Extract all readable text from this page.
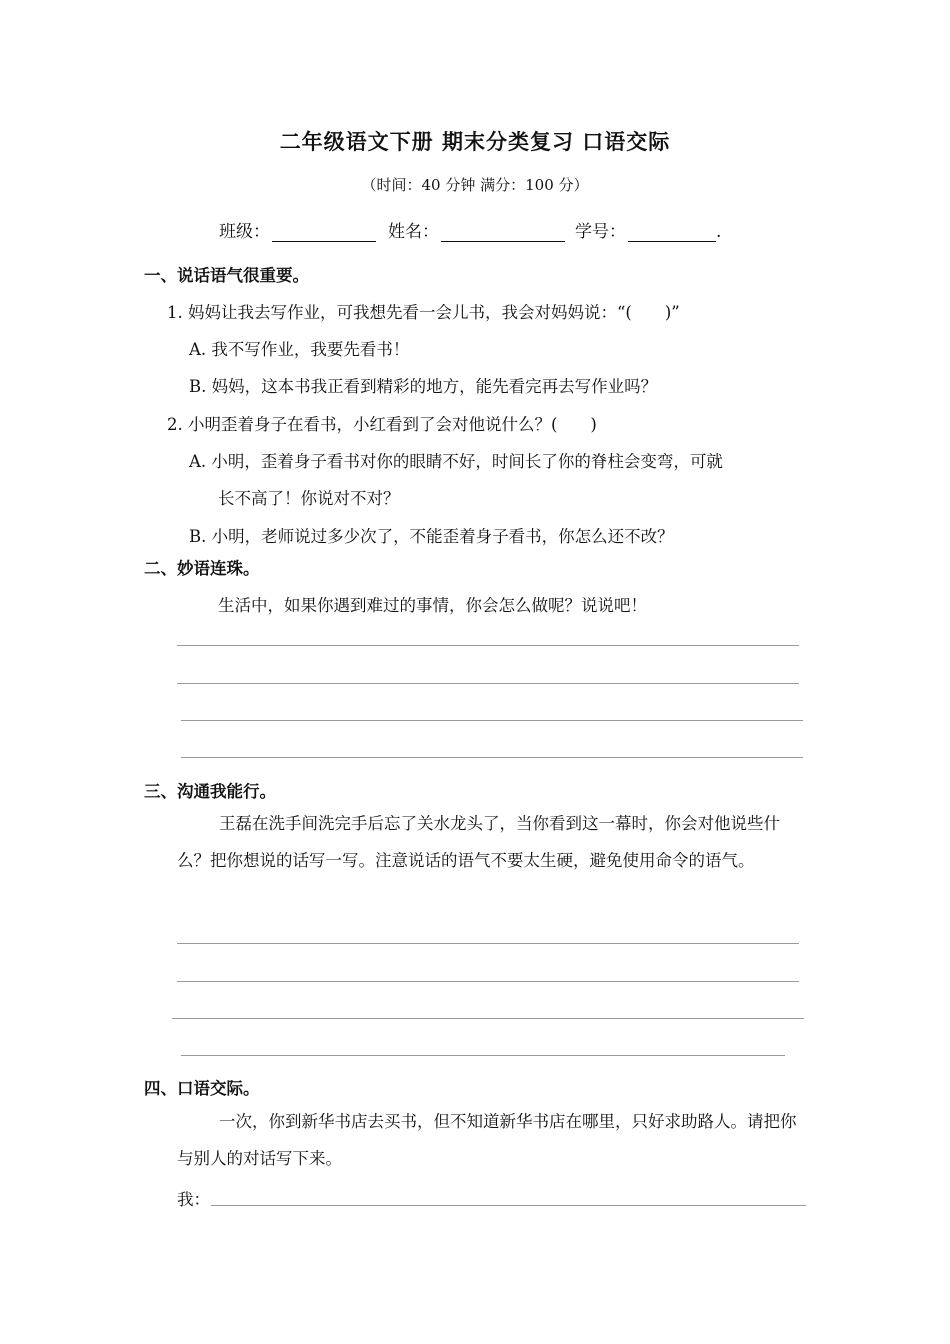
二年级语文下册 期末分类复习 口语交际
（时间：40 分钟 满分：100 分）
班级：	姓名：	学号：	.
一、说话语气很重要。
1. 妈妈让我去写作业，可我想先看一会儿书，我会对妈妈说：“(　　)”
A. 我不写作业，我要先看书！
B. 妈妈，这本书我正看到精彩的地方，能先看完再去写作业吗？
2. 小明歪着身子在看书，小红看到了会对他说什么？(　　)
A. 小明，歪着身子看书对你的眼睛不好，时间长了你的脊柱会变弯，可就
长不高了！你说对不对？
B. 小明，老师说过多少次了，不能歪着身子看书，你怎么还不改？
二、妙语连珠。
生活中，如果你遇到难过的事情，你会怎么做呢？说说吧！
三、沟通我能行。
王磊在洗手间洗完手后忘了关水龙头了，当你看到这一幕时，你会对他说些什么？把你想说的话写一写。注意说话的语气不要太生硬，避免使用命令的语气。
四、口语交际。
一次，你到新华书店去买书，但不知道新华书店在哪里，只好求助路人。请把你与别人的对话写下来。
我：
